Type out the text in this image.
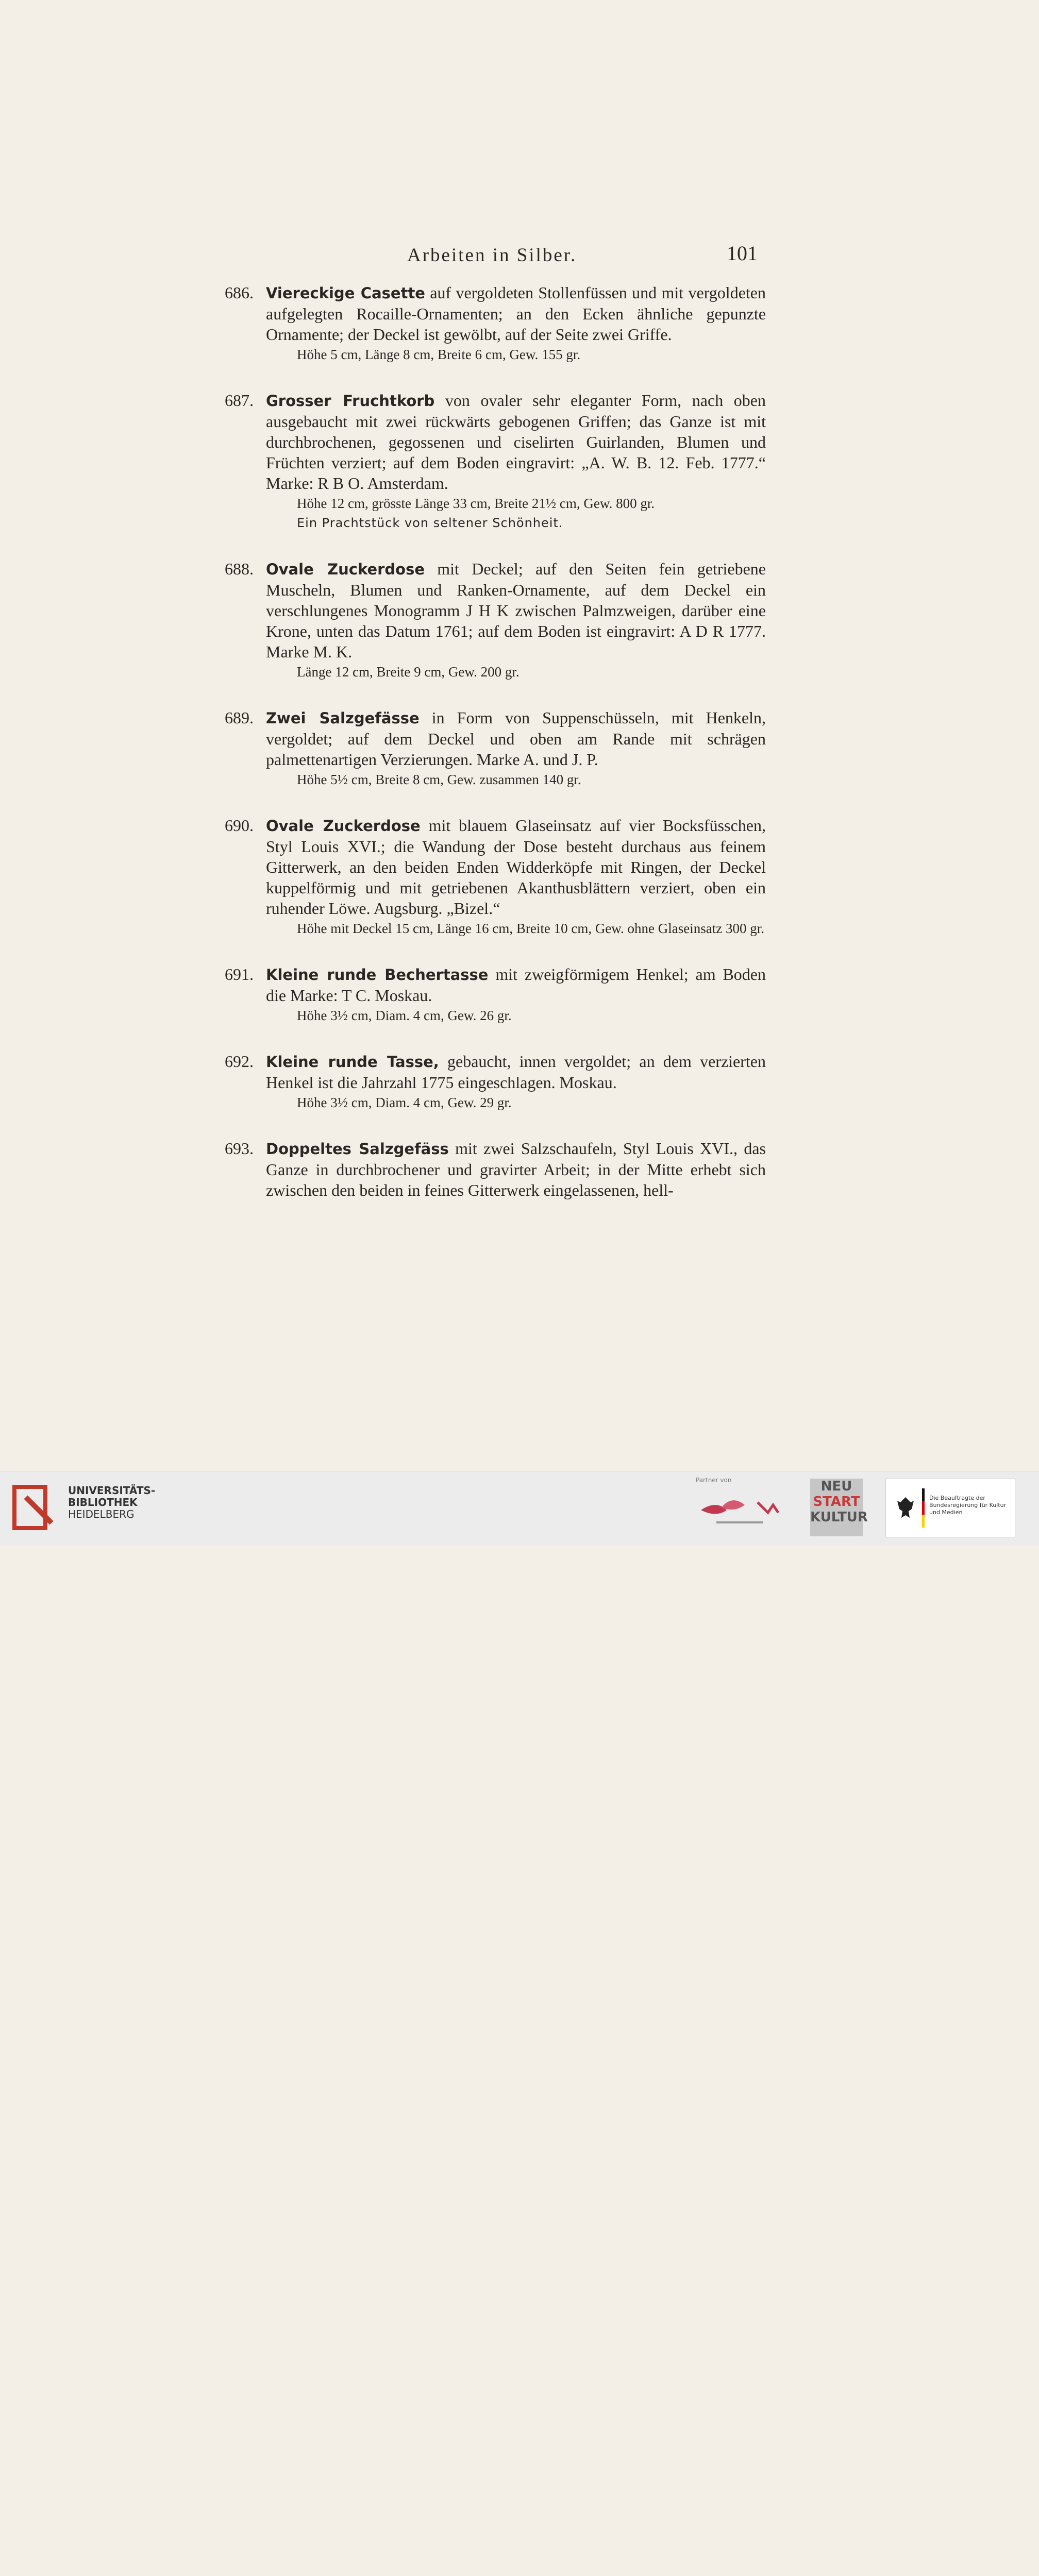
Arbeiten in Silber.	101
686. Viereckige Casette auf vergoldeten Stollenfüssen und mit vergoldeten aufgelegten Rocaille-Ornamenten; an den Ecken ähnliche gepunzte Ornamente; der Deckel ist gewölbt, auf der Seite zwei Griffe.
Höhe 5 cm, Länge 8 cm, Breite 6 cm, Gew. 155 gr.
687. Grosser Fruchtkorb von ovaler sehr eleganter Form, nach oben ausgebaucht mit zwei rückwärts gebogenen Griffen; das Ganze ist mit durchbrochenen, gegossenen und ciselirten Guirlanden, Blumen und Früchten verziert; auf dem Boden eingravirt: „A. W. B. 12. Feb. 1777.“ Marke: R B O. Amsterdam.
Höhe 12 cm, grösste Länge 33 cm, Breite 21½ cm, Gew. 800 gr.
Ein Prachtstück von seltener Schönheit.
688. Ovale Zuckerdose mit Deckel; auf den Seiten fein getriebene Muscheln, Blumen und Ranken-Ornamente, auf dem Deckel ein verschlungenes Monogramm J H K zwischen Palmzweigen, darüber eine Krone, unten das Datum 1761; auf dem Boden ist eingravirt: A D R 1777. Marke M. K.
Länge 12 cm, Breite 9 cm, Gew. 200 gr.
689. Zwei Salzgefässe in Form von Suppenschüsseln, mit Henkeln, vergoldet; auf dem Deckel und oben am Rande mit schrägen palmettenartigen Verzierungen. Marke A. und J. P.
Höhe 5½ cm, Breite 8 cm, Gew. zusammen 140 gr.
690. Ovale Zuckerdose mit blauem Glaseinsatz auf vier Bocksfüsschen, Styl Louis XVI.; die Wandung der Dose besteht durchaus aus feinem Gitterwerk, an den beiden Enden Widderköpfe mit Ringen, der Deckel kuppelförmig und mit getriebenen Akanthusblättern verziert, oben ein ruhender Löwe. Augsburg. „Bizel.“
Höhe mit Deckel 15 cm, Länge 16 cm, Breite 10 cm, Gew. ohne Glaseinsatz 300 gr.
691. Kleine runde Bechertasse mit zweigförmigem Henkel; am Boden die Marke: T C. Moskau.
Höhe 3½ cm, Diam. 4 cm, Gew. 26 gr.
692. Kleine runde Tasse, gebaucht, innen vergoldet; an dem verzierten Henkel ist die Jahrzahl 1775 eingeschlagen. Moskau.
Höhe 3½ cm, Diam. 4 cm, Gew. 29 gr.
693. Doppeltes Salzgefäss mit zwei Salzschaufeln, Styl Louis XVI., das Ganze in durchbrochener und gravirter Arbeit; in der Mitte erhebt sich zwischen den beiden in feines Gitterwerk eingelassenen, hell-
UNIVERSITÄTS-
BIBLIOTHEK
HEIDELBERG
Partner von	NEU
START
KULTUR
Die Beauftragte der Bundesregierung für Kultur und Medien
